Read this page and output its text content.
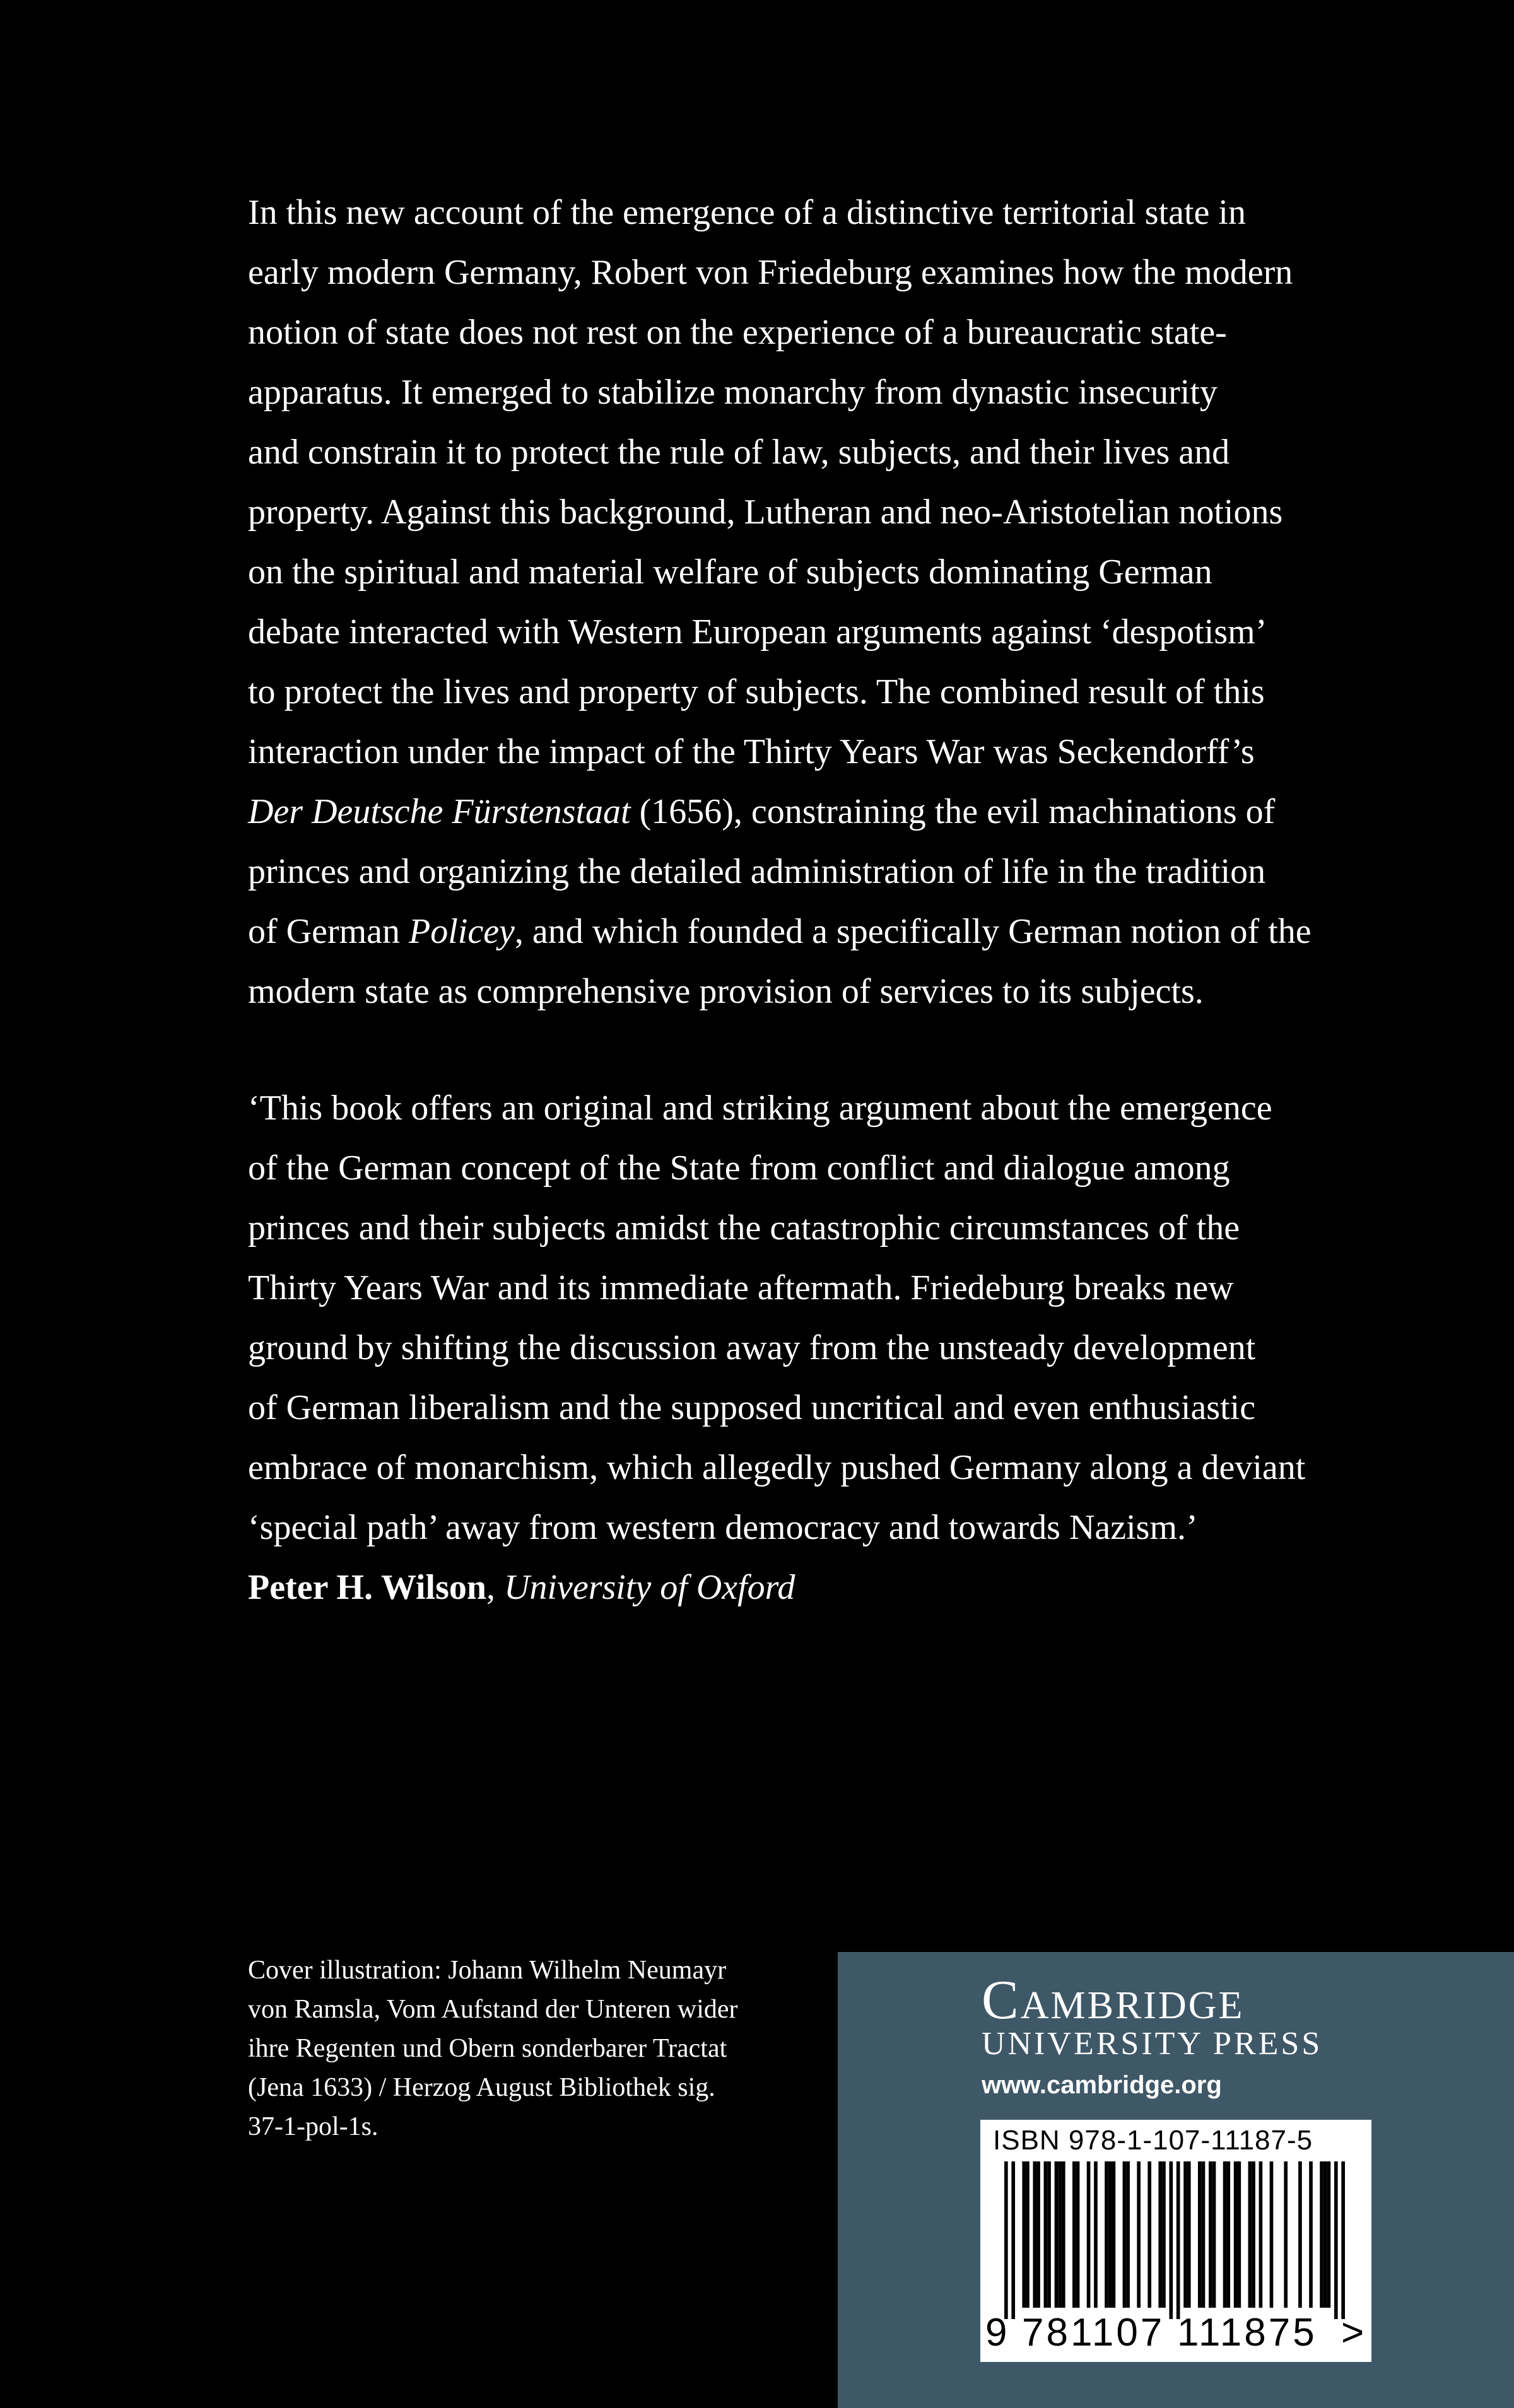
In this new account of the emergence of a distinctive territorial state in

early modern Germany, Robert von Friedeburg examines how the modern

notion of state does not rest on the experience of a bureaucratic state-

apparatus. It emerged to stabilize monarchy from dynastic insecurity

and constrain it to protect the rule of law, subjects, and their lives and

property. Against this background, Lutheran and neo-Aristotelian notions

on the spiritual and material welfare of subjects dominating German

debate interacted with Western European arguments against ‘despotism’

to protect the lives and property of subjects. The combined result of this

interaction under the impact of the Thirty Years War was Seckendorff’s

Der Deutsche Fürstenstaat (1656), constraining the evil machinations of

princes and organizing the detailed administration of life in the tradition

of German Policey, and which founded a specifically German notion of the

modern state as comprehensive provision of services to its subjects.

‘This book offers an original and striking argument about the emergence

of the German concept of the State from conflict and dialogue among

princes and their subjects amidst the catastrophic circumstances of the

Thirty Years War and its immediate aftermath. Friedeburg breaks new

ground by shifting the discussion away from the unsteady development

of German liberalism and the supposed uncritical and even enthusiastic

embrace of monarchism, which allegedly pushed Germany along a deviant

‘special path’ away from western democracy and towards Nazism.’

Peter H. Wilson, University of Oxford

Cover illustration: Johann Wilhelm Neumayr
von Ramsla, Vom Aufstand der Unteren wider
ihre Regenten und Obern sonderbarer Tractat
(Jena 1633) / Herzog August Bibliothek sig.
37-1-pol-1s.
Cambridge
UNIVERSITY PRESS
www.cambridge.org
ISBN 978-1-107-11187-5
9 781107 111875 >
